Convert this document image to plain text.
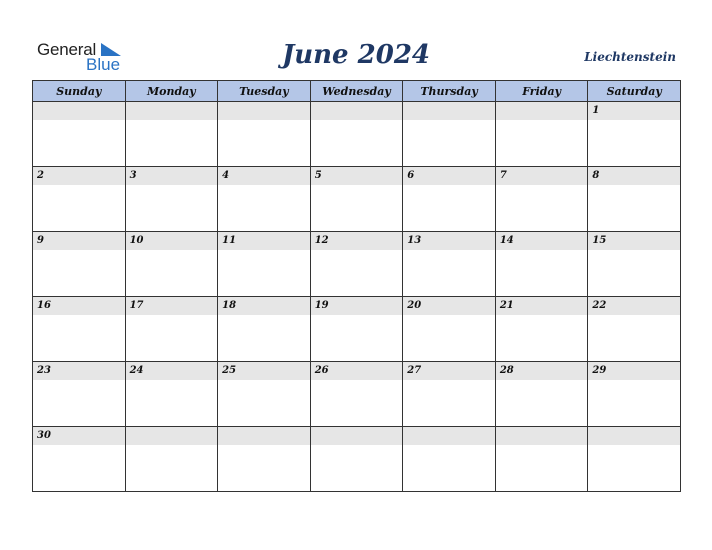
General
Blue	June 2024	Liechtenstein
Sunday	Monday	Tuesday	Wednesday	Thursday	Friday	Saturday

						1

2	3	4	5	6	7	8

9	10	11	12	13	14	15

16	17	18	19	20	21	22

23	24	25	26	27	28	29

30						
